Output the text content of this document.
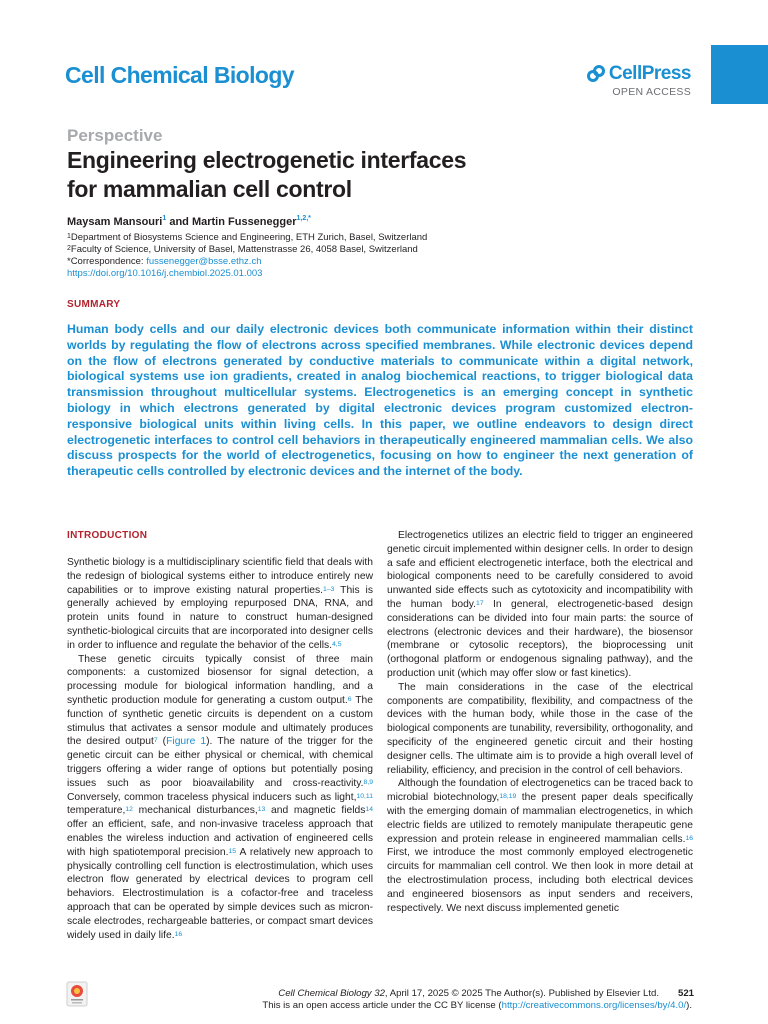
Cell Chemical Biology	CellPress
OPEN ACCESS
Perspective
Engineering electrogenetic interfaces
for mammalian cell control
Maysam Mansouri$^1$ and Martin Fussenegger$^{1,2,*}$
$^1$Department of Biosystems Science and Engineering, ETH Zurich, Basel, Switzerland
$^2$Faculty of Science, University of Basel, Mattenstrasse 26, 4058 Basel, Switzerland
*Correspondence: fussenegger@bsse.ethz.ch
https://doi.org/10.1016/j.chembiol.2025.01.003
SUMMARY

Human body cells and our daily electronic devices both communicate information within their distinct worlds by regulating the flow of electrons across specified membranes. While electronic devices depend on the flow of electrons generated by conductive materials to communicate within a digital network, biological systems use ion gradients, created in analog biochemical reactions, to trigger biological data transmission throughout multicellular systems. Electrogenetics is an emerging concept in synthetic biology in which electrons generated by digital electronic devices program customized electron-responsive biological units within living cells. In this paper, we outline endeavors to design direct electrogenetic interfaces to control cell behaviors in therapeutically engineered mammalian cells. We also discuss prospects for the world of electrogenetics, focusing on how to engineer the next generation of therapeutic cells controlled by electronic devices and the internet of the body.

INTRODUCTION

Synthetic biology is a multidisciplinary scientific field that deals with the redesign of biological systems either to introduce entirely new capabilities or to improve existing natural properties.$^{1-3}$ This is generally achieved by employing repurposed DNA, RNA, and protein units found in nature to construct human-designed synthetic-biological circuits that are incorporated into designer cells in order to influence and regulate the behavior of the cells.$^{4,5}$

These genetic circuits typically consist of three main components: a customized biosensor for signal detection, a processing module for biological information handling, and a synthetic production module for generating a custom output.$^6$ The function of synthetic genetic circuits is dependent on a custom stimulus that activates a sensor module and ultimately produces the desired output$^7$ (Figure 1). The nature of the trigger for the genetic circuit can be either physical or chemical, with chemical triggers offering a wider range of options but potentially posing issues such as poor bioavailability and cross-reactivity.$^{8,9}$ Conversely, common traceless physical inducers such as light,$^{10,11}$ temperature,$^{12}$ mechanical disturbances,$^{13}$ and magnetic fields$^{14}$ offer an efficient, safe, and non-invasive traceless approach that enables the wireless induction and activation of engineered cells with high spatiotemporal precision.$^{15}$ A relatively new approach to physically controlling cell function is electrostimulation, which uses electron flow generated by electrical devices to program cell behaviors. Electrostimulation is a cofactor-free and traceless approach that can be operated by simple devices such as micron-scale electrodes, rechargeable batteries, or compact smart devices widely used in daily life.$^{16}$

Electrogenetics utilizes an electric field to trigger an engineered genetic circuit implemented within designer cells. In order to design a safe and efficient electrogenetic interface, both the electrical and biological components need to be carefully considered to avoid unwanted side effects such as cytotoxicity and incompatibility with the human body.$^{17}$ In general, electrogenetic-based design considerations can be divided into four main parts: the source of electrons (electronic devices and their hardware), the biosensor (membrane or cytosolic receptors), the bioprocessing unit (orthogonal platform or endogenous signaling pathway), and the production unit (which may offer slow or fast kinetics).

The main considerations in the case of the electrical components are compatibility, flexibility, and compactness of the devices with the human body, while those in the case of the biological components are tunability, reversibility, orthogonality, and specificity of the engineered genetic circuit and their hosting designer cells. The ultimate aim is to provide a high overall level of reliability, efficiency, and precision in the control of cell behaviors.

Although the foundation of electrogenetics can be traced back to microbial biotechnology,$^{18,19}$ the present paper deals specifically with the emerging domain of mammalian electrogenetics, in which electric fields are utilized to remotely manipulate therapeutic gene expression and protein release in engineered mammalian cells.$^{16}$ First, we introduce the most commonly employed electrogenetic circuits for mammalian cell control. We then look in more detail at the electrostimulation process, including both electrical devices and engineered biosensors as input senders and receivers, respectively. We next discuss implemented genetic

Cell Chemical Biology 32, April 17, 2025 © 2025 The Author(s). Published by Elsevier Ltd. 521
This is an open access article under the CC BY license (http://creativecommons.org/licenses/by/4.0/).
